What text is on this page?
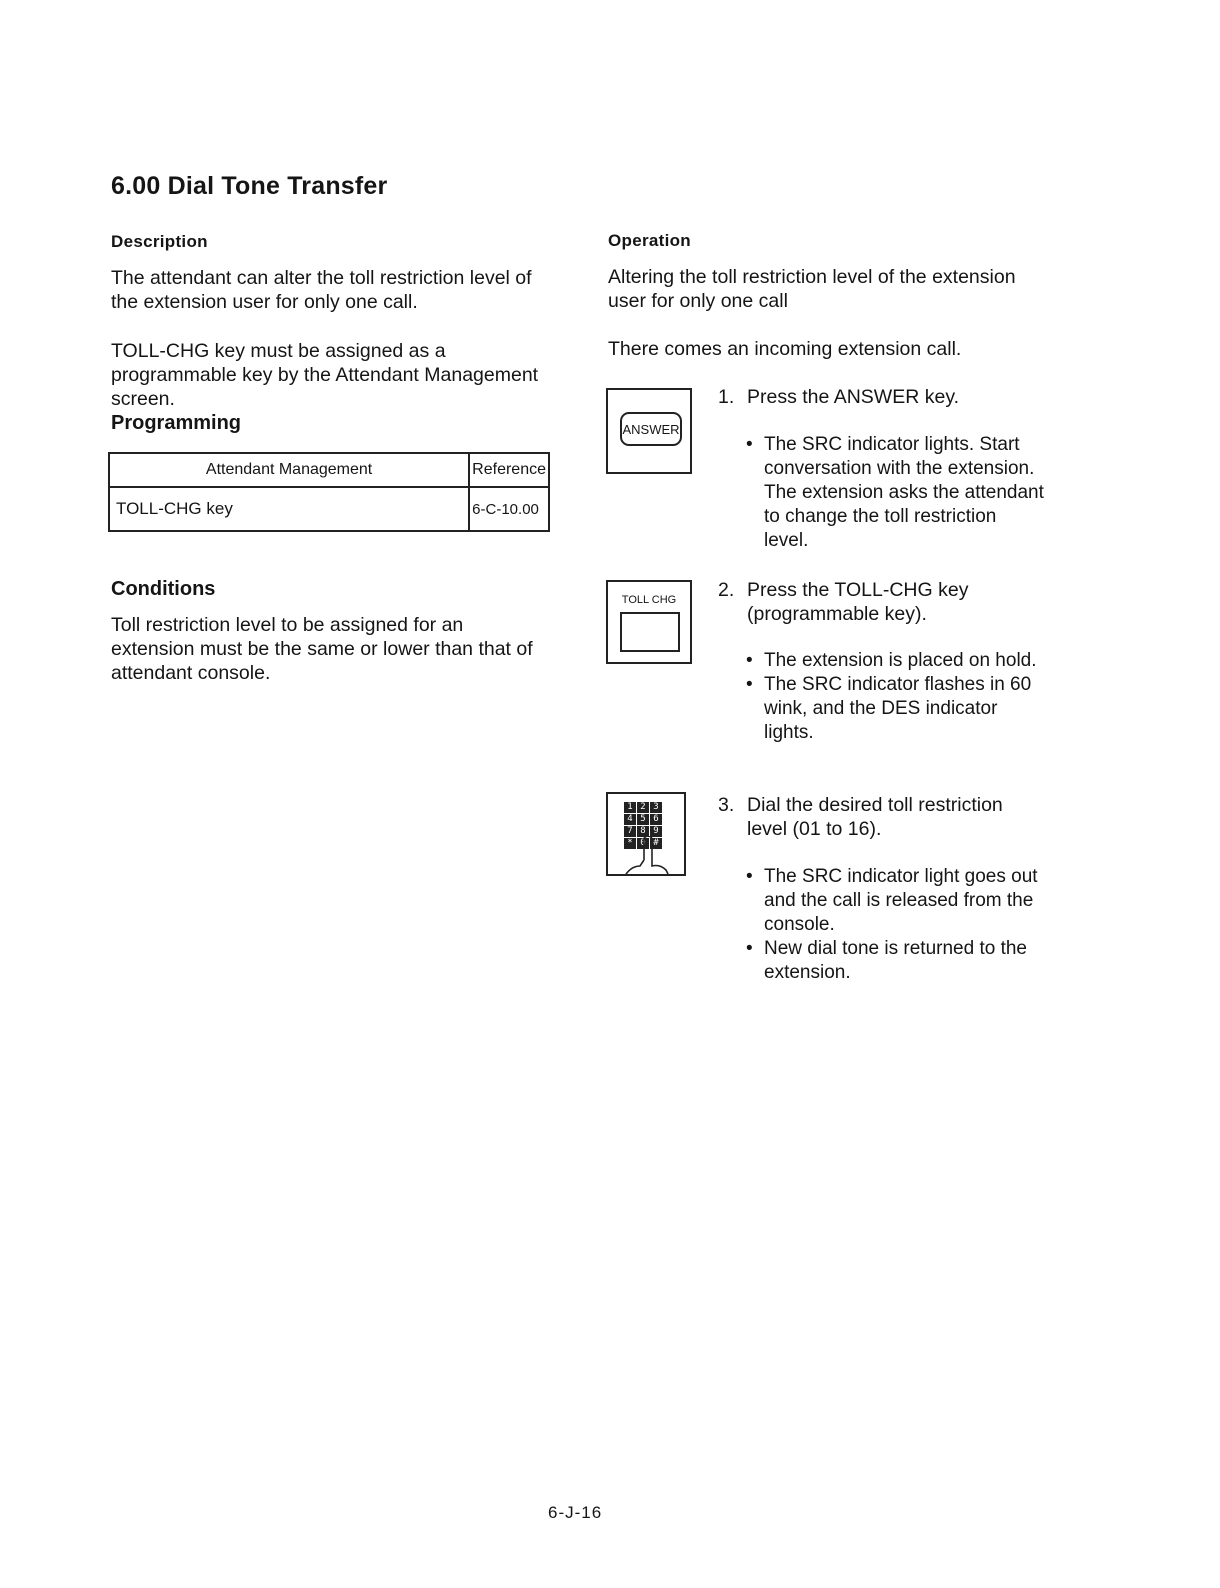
6.00 Dial Tone Transfer
Description
The attendant can alter the toll restriction level of the extension user for only one call.
TOLL-CHG key must be assigned as a programmable key by the Attendant Management screen.
Programming
Attendant Management	Reference
TOLL-CHG key	6-C-10.00
Conditions
Toll restriction level to be assigned for an extension must be the same or lower than that of attendant console.
Operation
Altering the toll restriction level of the extension user for only one call
There comes an incoming extension call.
ANSWER
1. Press the ANSWER key.
• The SRC indicator lights. Start conversation with the extension. The extension asks the attendant to change the toll restriction level.
TOLL CHG	2. Press the TOLL-CHG key (programmable key).
• The extension is placed on hold.
• The SRC indicator flashes in 60 wink, and the DES indicator lights.
1 2 3
4 5 6
7 8 9
* 0 #
3. Dial the desired toll restriction level (01 to 16).
• The SRC indicator light goes out and the call is released from the console.
• New dial tone is returned to the extension.
6-J-16
